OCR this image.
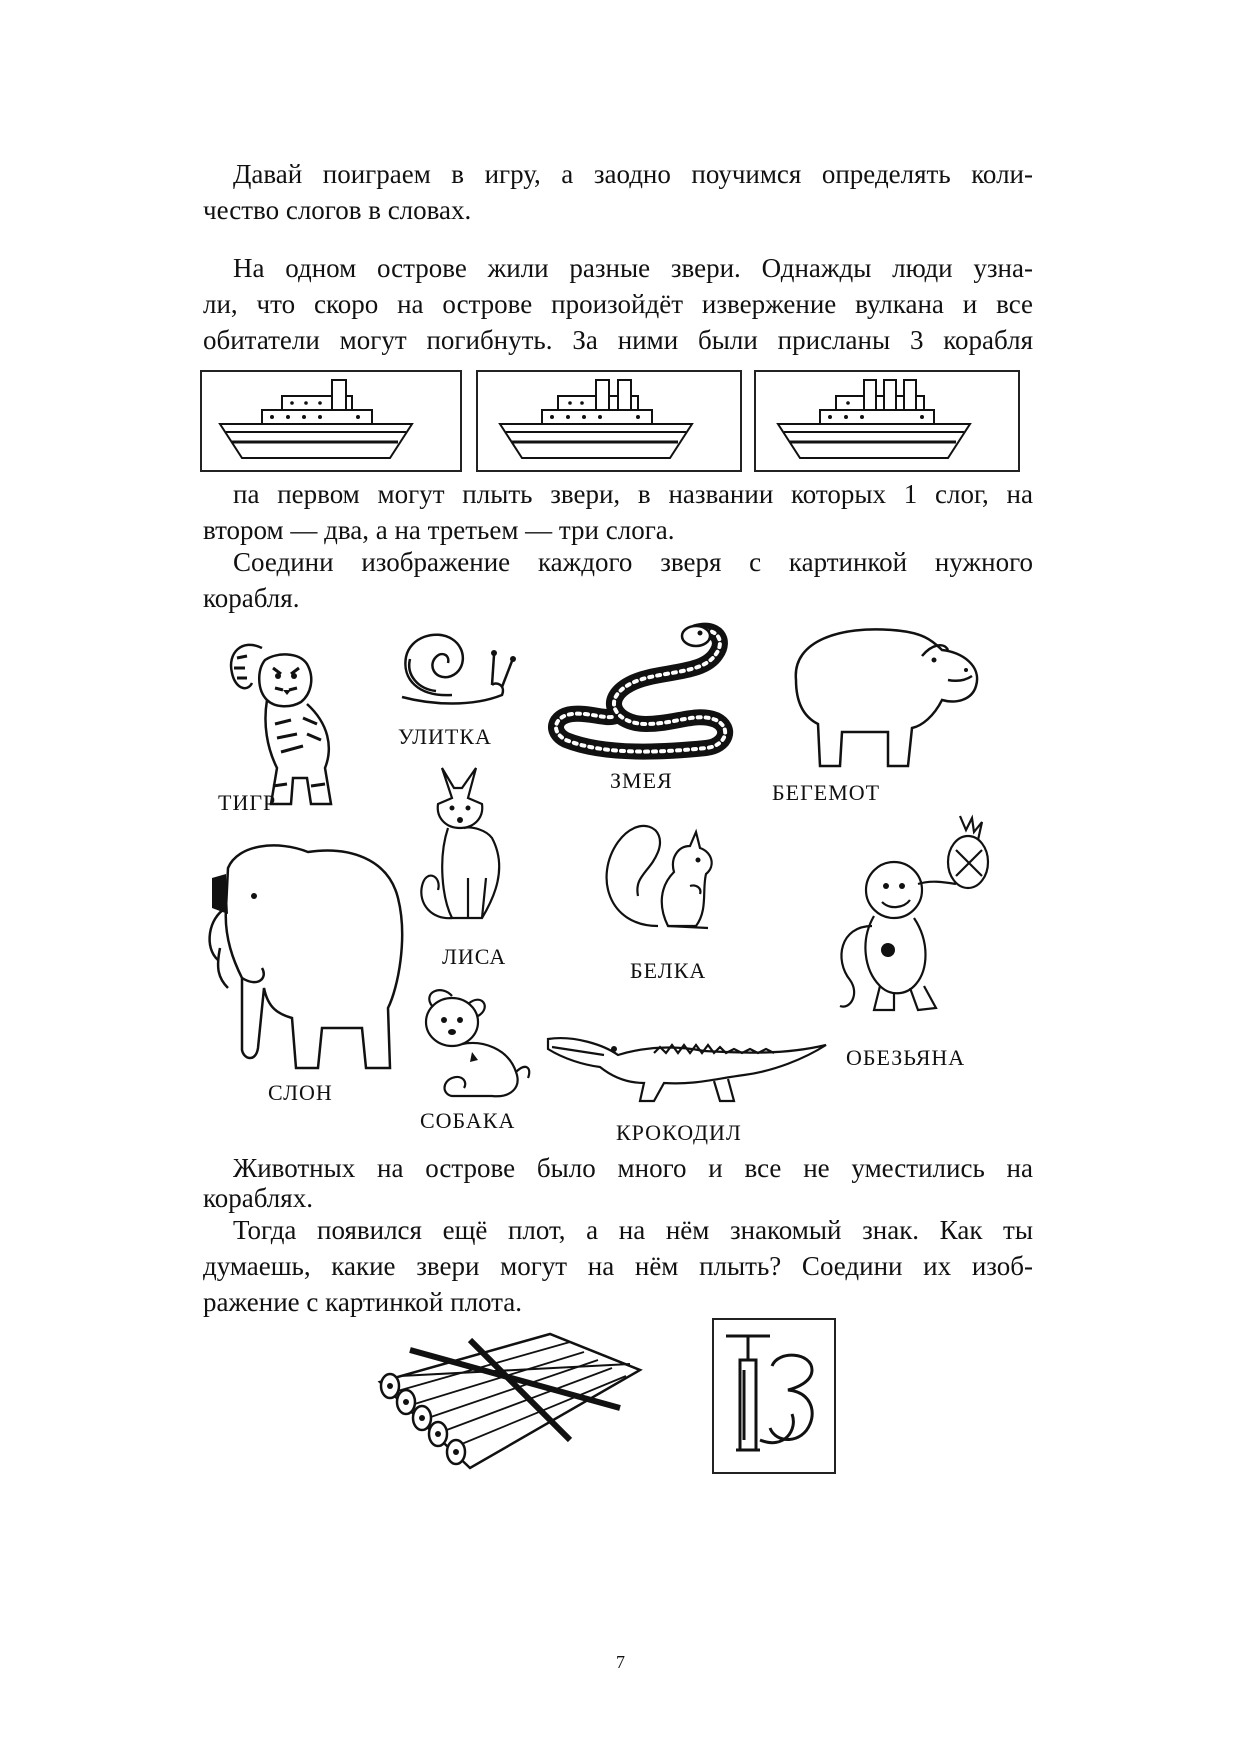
Давай поиграем в игру, а заодно поучимся определять коли-
чество слогов в словах.
На одном острове жили разные звери. Однажды люди узна-
ли, что скоро на острове произойдёт извержение вулкана и все
обитатели могут погибнуть. За ними были присланы 3 корабля
па первом могут плыть звери, в названии которых 1 слог, на
втором — два, а на третьем — три слога.
Соедини изображение каждого зверя с картинкой нужного
корабля.
ТИГР
УЛИТКА
ЗМЕЯ	БЕГЕМОТ
ЛИСА
БЕЛКА
ОБЕЗЬЯНА
СЛОН
СОБАКА	КРОКОДИЛ
Животных на острове было много и все не уместились на
кораблях.
Тогда появился ещё плот, а на нём знакомый знак. Как ты
думаешь, какие звери могут на нём плыть? Соедини их изоб-
ражение с картинкой плота.
7
